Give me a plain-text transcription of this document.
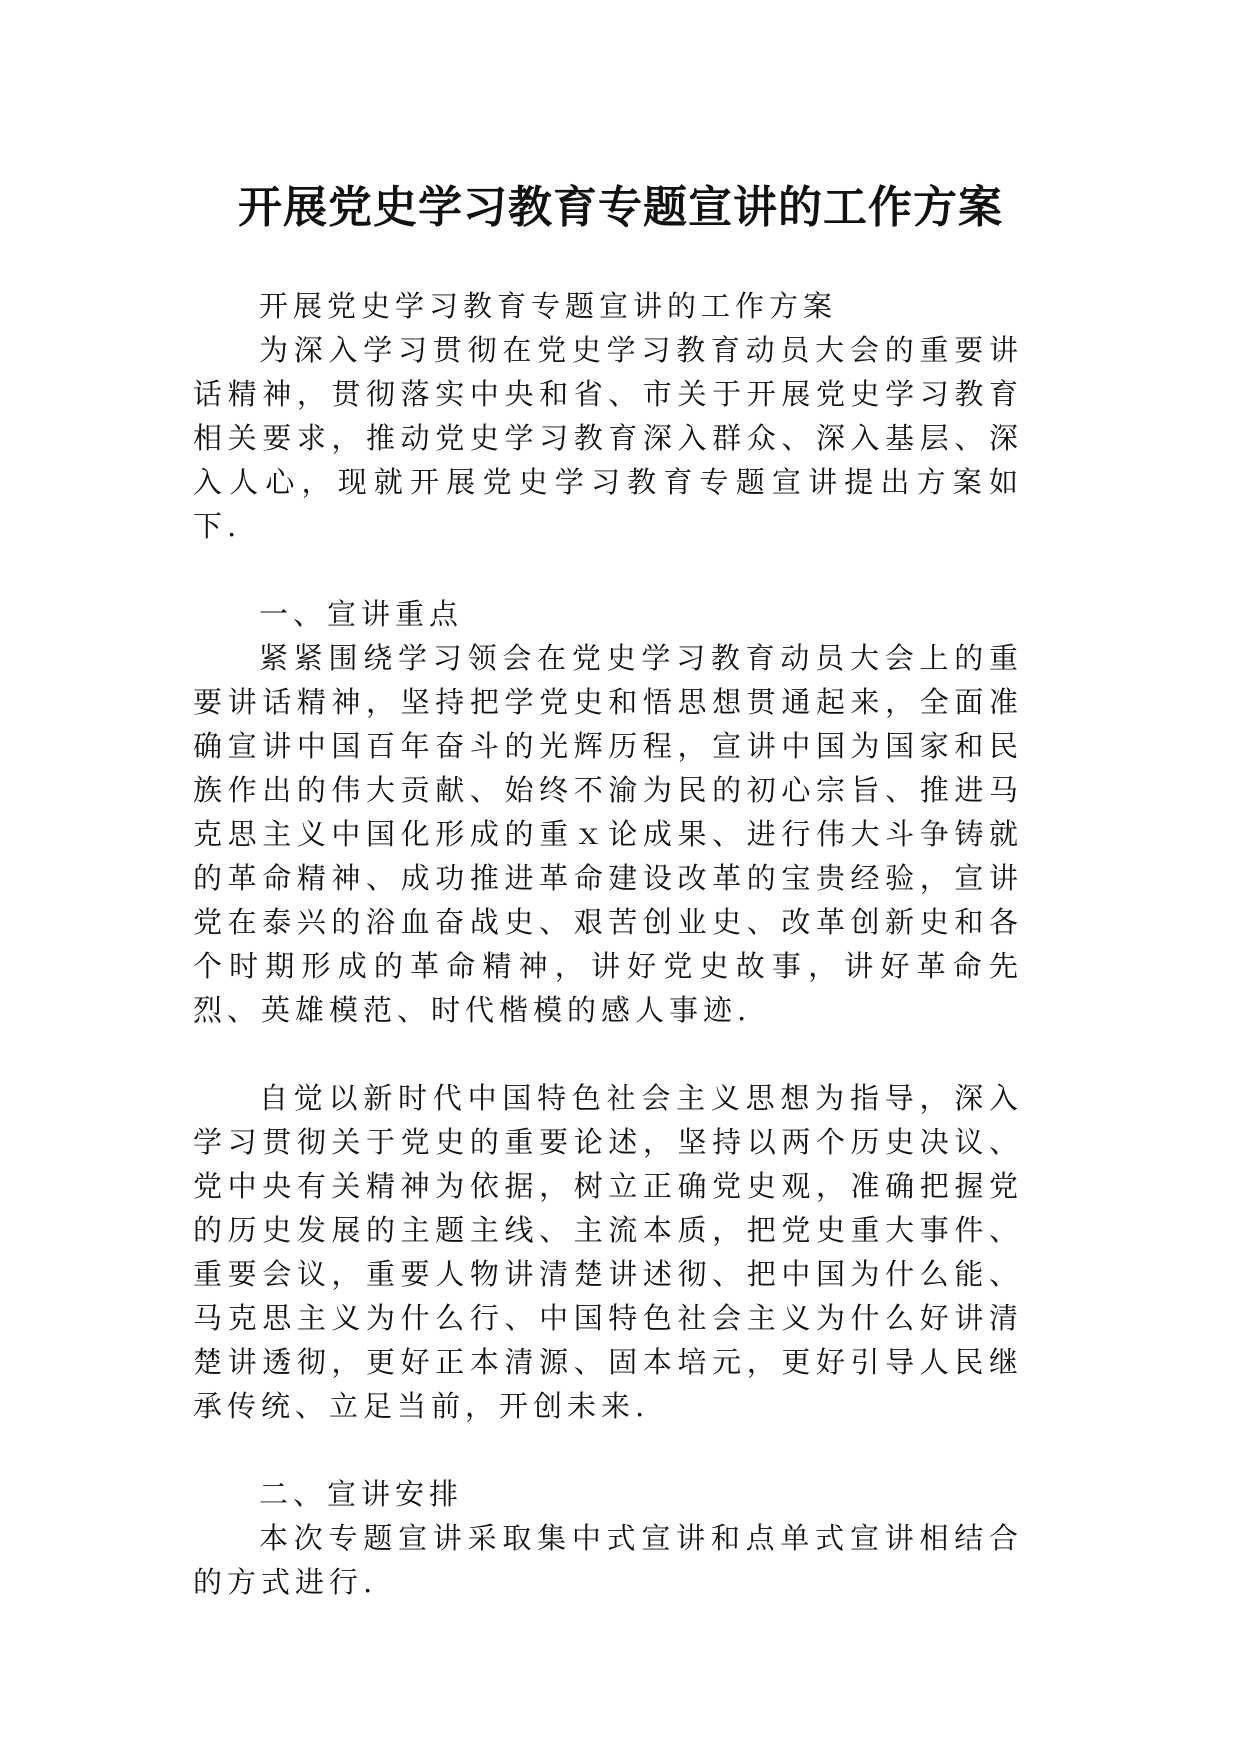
开展党史学习教育专题宣讲的工作方案

开展党史学习教育专题宣讲的工作方案

为深入学习贯彻在党史学习教育动员大会的重要讲话精神，贯彻落实中央和省、市关于开展党史学习教育相关要求，推动党史学习教育深入群众、深入基层、深入人心，现就开展党史学习教育专题宣讲提出方案如下.

一、宣讲重点

紧紧围绕学习领会在党史学习教育动员大会上的重要讲话精神，坚持把学党史和悟思想贯通起来，全面准确宣讲中国百年奋斗的光辉历程，宣讲中国为国家和民族作出的伟大贡献、始终不渝为民的初心宗旨、推进马克思主义中国化形成的重ｘ论成果、进行伟大斗争铸就的革命精神、成功推进革命建设改革的宝贵经验，宣讲党在泰兴的浴血奋战史、艰苦创业史、改革创新史和各个时期形成的革命精神，讲好党史故事，讲好革命先烈、英雄模范、时代楷模的感人事迹.

自觉以新时代中国特色社会主义思想为指导，深入学习贯彻关于党史的重要论述，坚持以两个历史决议、党中央有关精神为依据，树立正确党史观，准确把握党的历史发展的主题主线、主流本质，把党史重大事件、重要会议，重要人物讲清楚讲述彻、把中国为什么能、马克思主义为什么行、中国特色社会主义为什么好讲清楚讲透彻，更好正本清源、固本培元，更好引导人民继承传统、立足当前，开创未来.

二、宣讲安排

本次专题宣讲采取集中式宣讲和点单式宣讲相结合的方式进行.
